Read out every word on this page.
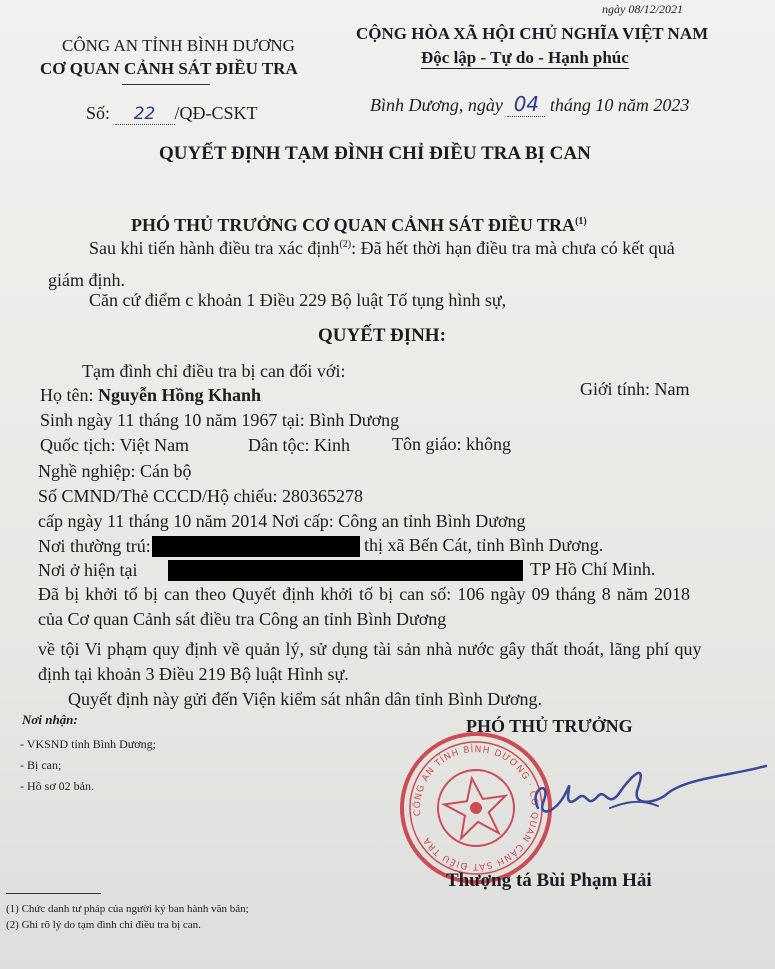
ngày 08/12/2021
CÔNG AN TỈNH BÌNH DƯƠNG
CƠ QUAN CẢNH SÁT ĐIỀU TRA
CỘNG HÒA XÃ HỘI CHỦ NGHĨA VIỆT NAM
Độc lập - Tự do - Hạnh phúc
Số: 22 /QĐ-CSKT	Bình Dương, ngày 04 tháng 10 năm 2023
QUYẾT ĐỊNH TẠM ĐÌNH CHỈ ĐIỀU TRA BỊ CAN
PHÓ THỦ TRƯỞNG CƠ QUAN CẢNH SÁT ĐIỀU TRA$^{(1)}$
Sau khi tiến hành điều tra xác định$^{(2)}$: Đã hết thời hạn điều tra mà chưa có kết quả
giám định.
Căn cứ điểm c khoản 1 Điều 229 Bộ luật Tố tụng hình sự,
QUYẾT ĐỊNH:
Tạm đình chỉ điều tra bị can đối với:
Họ tên: Nguyễn Hồng Khanh	Giới tính: Nam
Sinh ngày 11 tháng 10 năm 1967 tại: Bình Dương
Quốc tịch: Việt Nam	Dân tộc: Kinh Tôn giáo: không
Nghề nghiệp: Cán bộ
Số CMND/Thẻ CCCD/Hộ chiếu: 280365278
cấp ngày 11 tháng 10 năm 2014 Nơi cấp: Công an tỉnh Bình Dương
Nơi thường trú:	thị xã Bến Cát, tỉnh Bình Dương.
Nơi ở hiện tại	TP Hồ Chí Minh.
Đã bị khởi tố bị can theo Quyết định khởi tố bị can số: 106 ngày 09 tháng 8 năm 2018
của Cơ quan Cảnh sát điều tra Công an tỉnh Bình Dương
về tội Vi phạm quy định về quản lý, sử dụng tài sản nhà nước gây thất thoát, lãng phí quy
định tại khoản 3 Điều 219 Bộ luật Hình sự.
Quyết định này gửi đến Viện kiểm sát nhân dân tỉnh Bình Dương.
Nơi nhận:
- VKSND tỉnh Bình Dương;
- Bị can;
- Hồ sơ 02 bản.
CÔNG AN TỈNH BÌNH DƯƠNG · CƠ QUAN CẢNH SÁT ĐIỀU TRA
PHÓ THỦ TRƯỞNG
Thượng tá Bùi Phạm Hải
(1) Chức danh tư pháp của người ký ban hành văn bản;
(2) Ghi rõ lý do tạm đình chỉ điều tra bị can.
